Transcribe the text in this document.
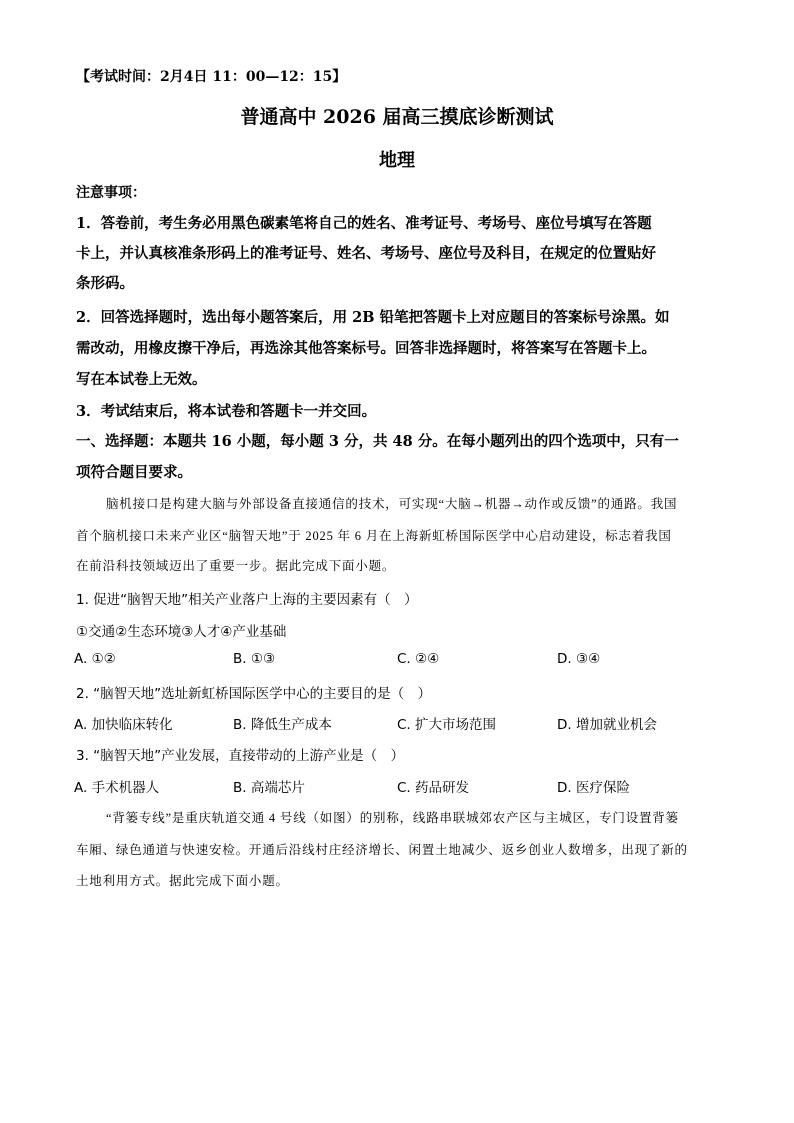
【考试时间：2月4日 11：00—12：15】
普通高中 2026 届高三摸底诊断测试
地理
注意事项：
1．答卷前，考生务必用黑色碳素笔将自己的姓名、准考证号、考场号、座位号填写在答题
卡上，并认真核准条形码上的准考证号、姓名、考场号、座位号及科目，在规定的位置贴好
条形码。
2．回答选择题时，选出每小题答案后，用 2B 铅笔把答题卡上对应题目的答案标号涂黑。如
需改动，用橡皮擦干净后，再选涂其他答案标号。回答非选择题时，将答案写在答题卡上。
写在本试卷上无效。
3．考试结束后，将本试卷和答题卡一并交回。
一、选择题：本题共 16 小题，每小题 3 分，共 48 分。在每小题列出的四个选项中，只有一
项符合题目要求。
脑机接口是构建大脑与外部设备直接通信的技术，可实现“大脑→机器→动作或反馈”的通路。我国
首个脑机接口未来产业区“脑智天地”于 2025 年 6 月在上海新虹桥国际医学中心启动建设，标志着我国
在前沿科技领域迈出了重要一步。据此完成下面小题。
1. 促进“脑智天地”相关产业落户上海的主要因素有（　）
①交通②生态环境③人才④产业基础
A. ①②	B. ①③	C. ②④	D. ③④
2. “脑智天地”选址新虹桥国际医学中心的主要目的是（　）
A. 加快临床转化	B. 降低生产成本	C. 扩大市场范围	D. 增加就业机会
3. “脑智天地”产业发展，直接带动的上游产业是（　）
A. 手术机器人	B. 高端芯片	C. 药品研发	D. 医疗保险
“背篓专线”是重庆轨道交通 4 号线（如图）的别称，线路串联城郊农产区与主城区，专门设置背篓
车厢、绿色通道与快速安检。开通后沿线村庄经济增长、闲置土地减少、返乡创业人数增多，出现了新的
土地利用方式。据此完成下面小题。
